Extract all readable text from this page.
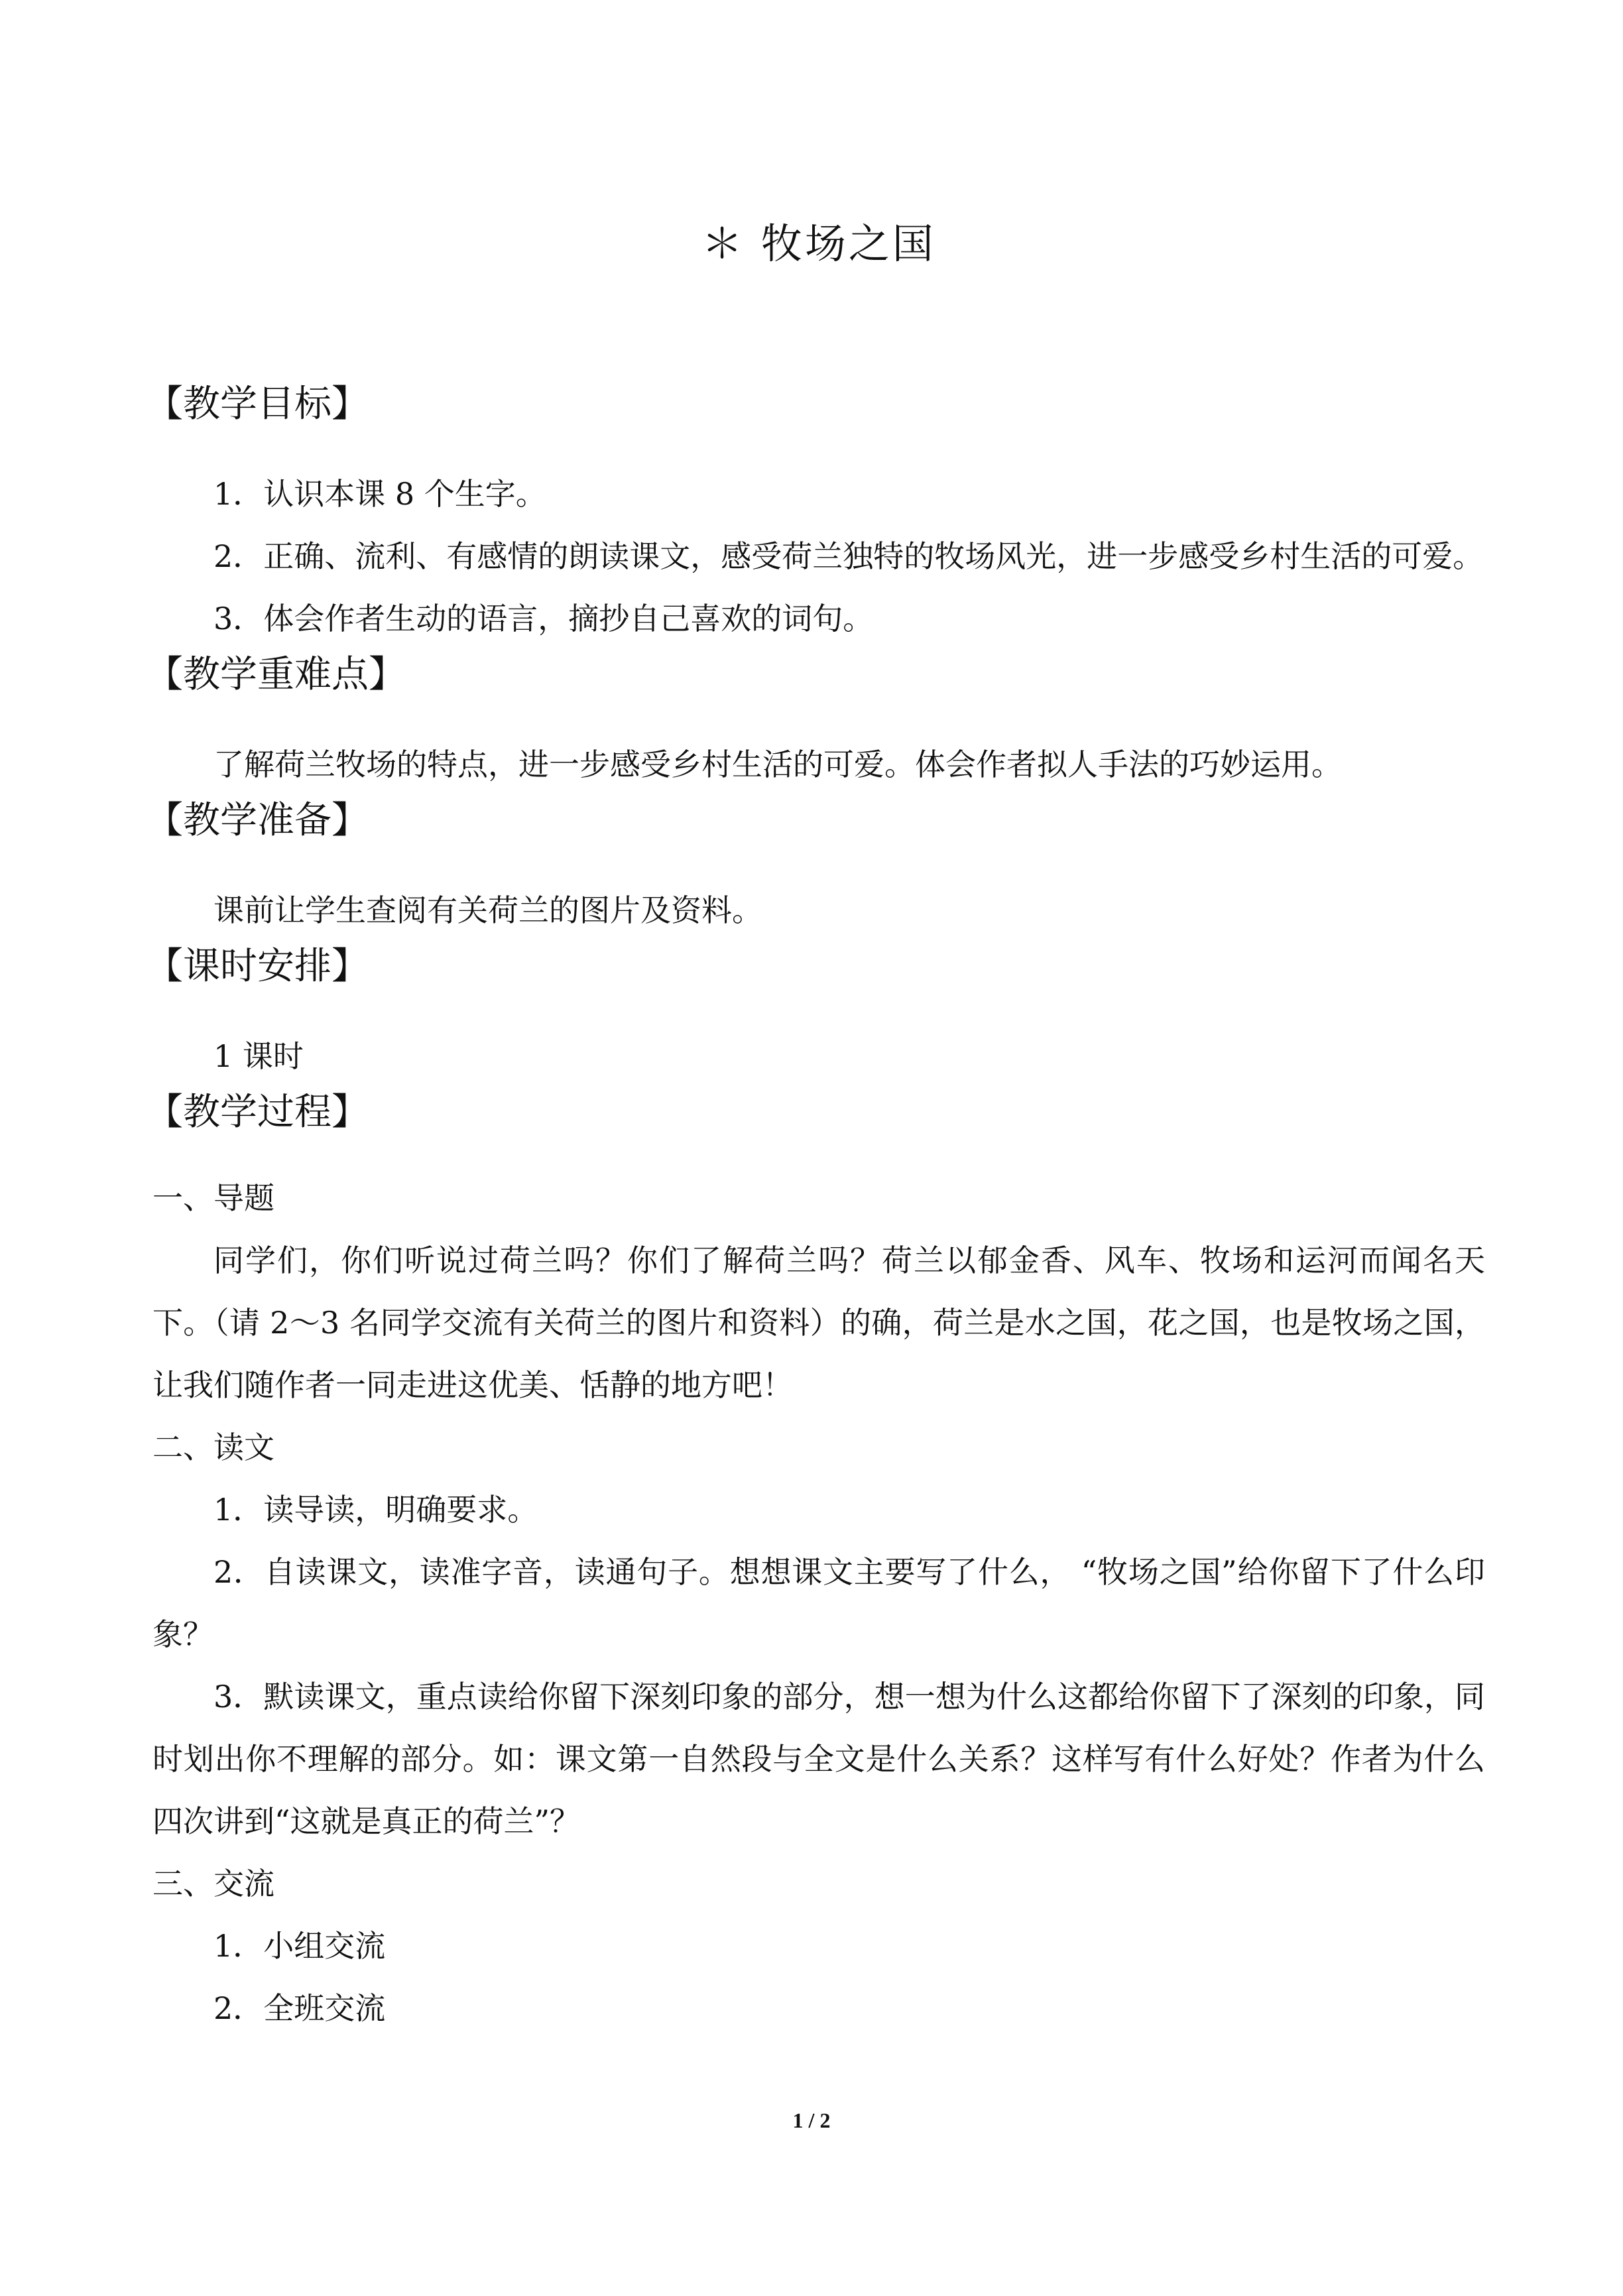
＊ 牧场之国
【教学目标】

1．认识本课 8 个生字。

2．正确、流利、有感情的朗读课文，感受荷兰独特的牧场风光，进一步感受乡村生活的可爱。

3．体会作者生动的语言，摘抄自己喜欢的词句。

【教学重难点】

了解荷兰牧场的特点，进一步感受乡村生活的可爱。体会作者拟人手法的巧妙运用。

【教学准备】

课前让学生查阅有关荷兰的图片及资料。

【课时安排】

1 课时

【教学过程】

一、导题

同学们，你们听说过荷兰吗？你们了解荷兰吗？荷兰以郁金香、风车、牧场和运河而闻名天下。（请 2～3 名同学交流有关荷兰的图片和资料）的确，荷兰是水之国，花之国，也是牧场之国，让我们随作者一同走进这优美、恬静的地方吧！

二、读文

1．读导读，明确要求。

2．自读课文，读准字音，读通句子。想想课文主要写了什么， “牧场之国”给你留下了什么印象？

3．默读课文，重点读给你留下深刻印象的部分，想一想为什么这都给你留下了深刻的印象，同时划出你不理解的部分。如：课文第一自然段与全文是什么关系？这样写有什么好处？作者为什么四次讲到“这就是真正的荷兰”？

三、交流

1．小组交流

2．全班交流

1 / 2
